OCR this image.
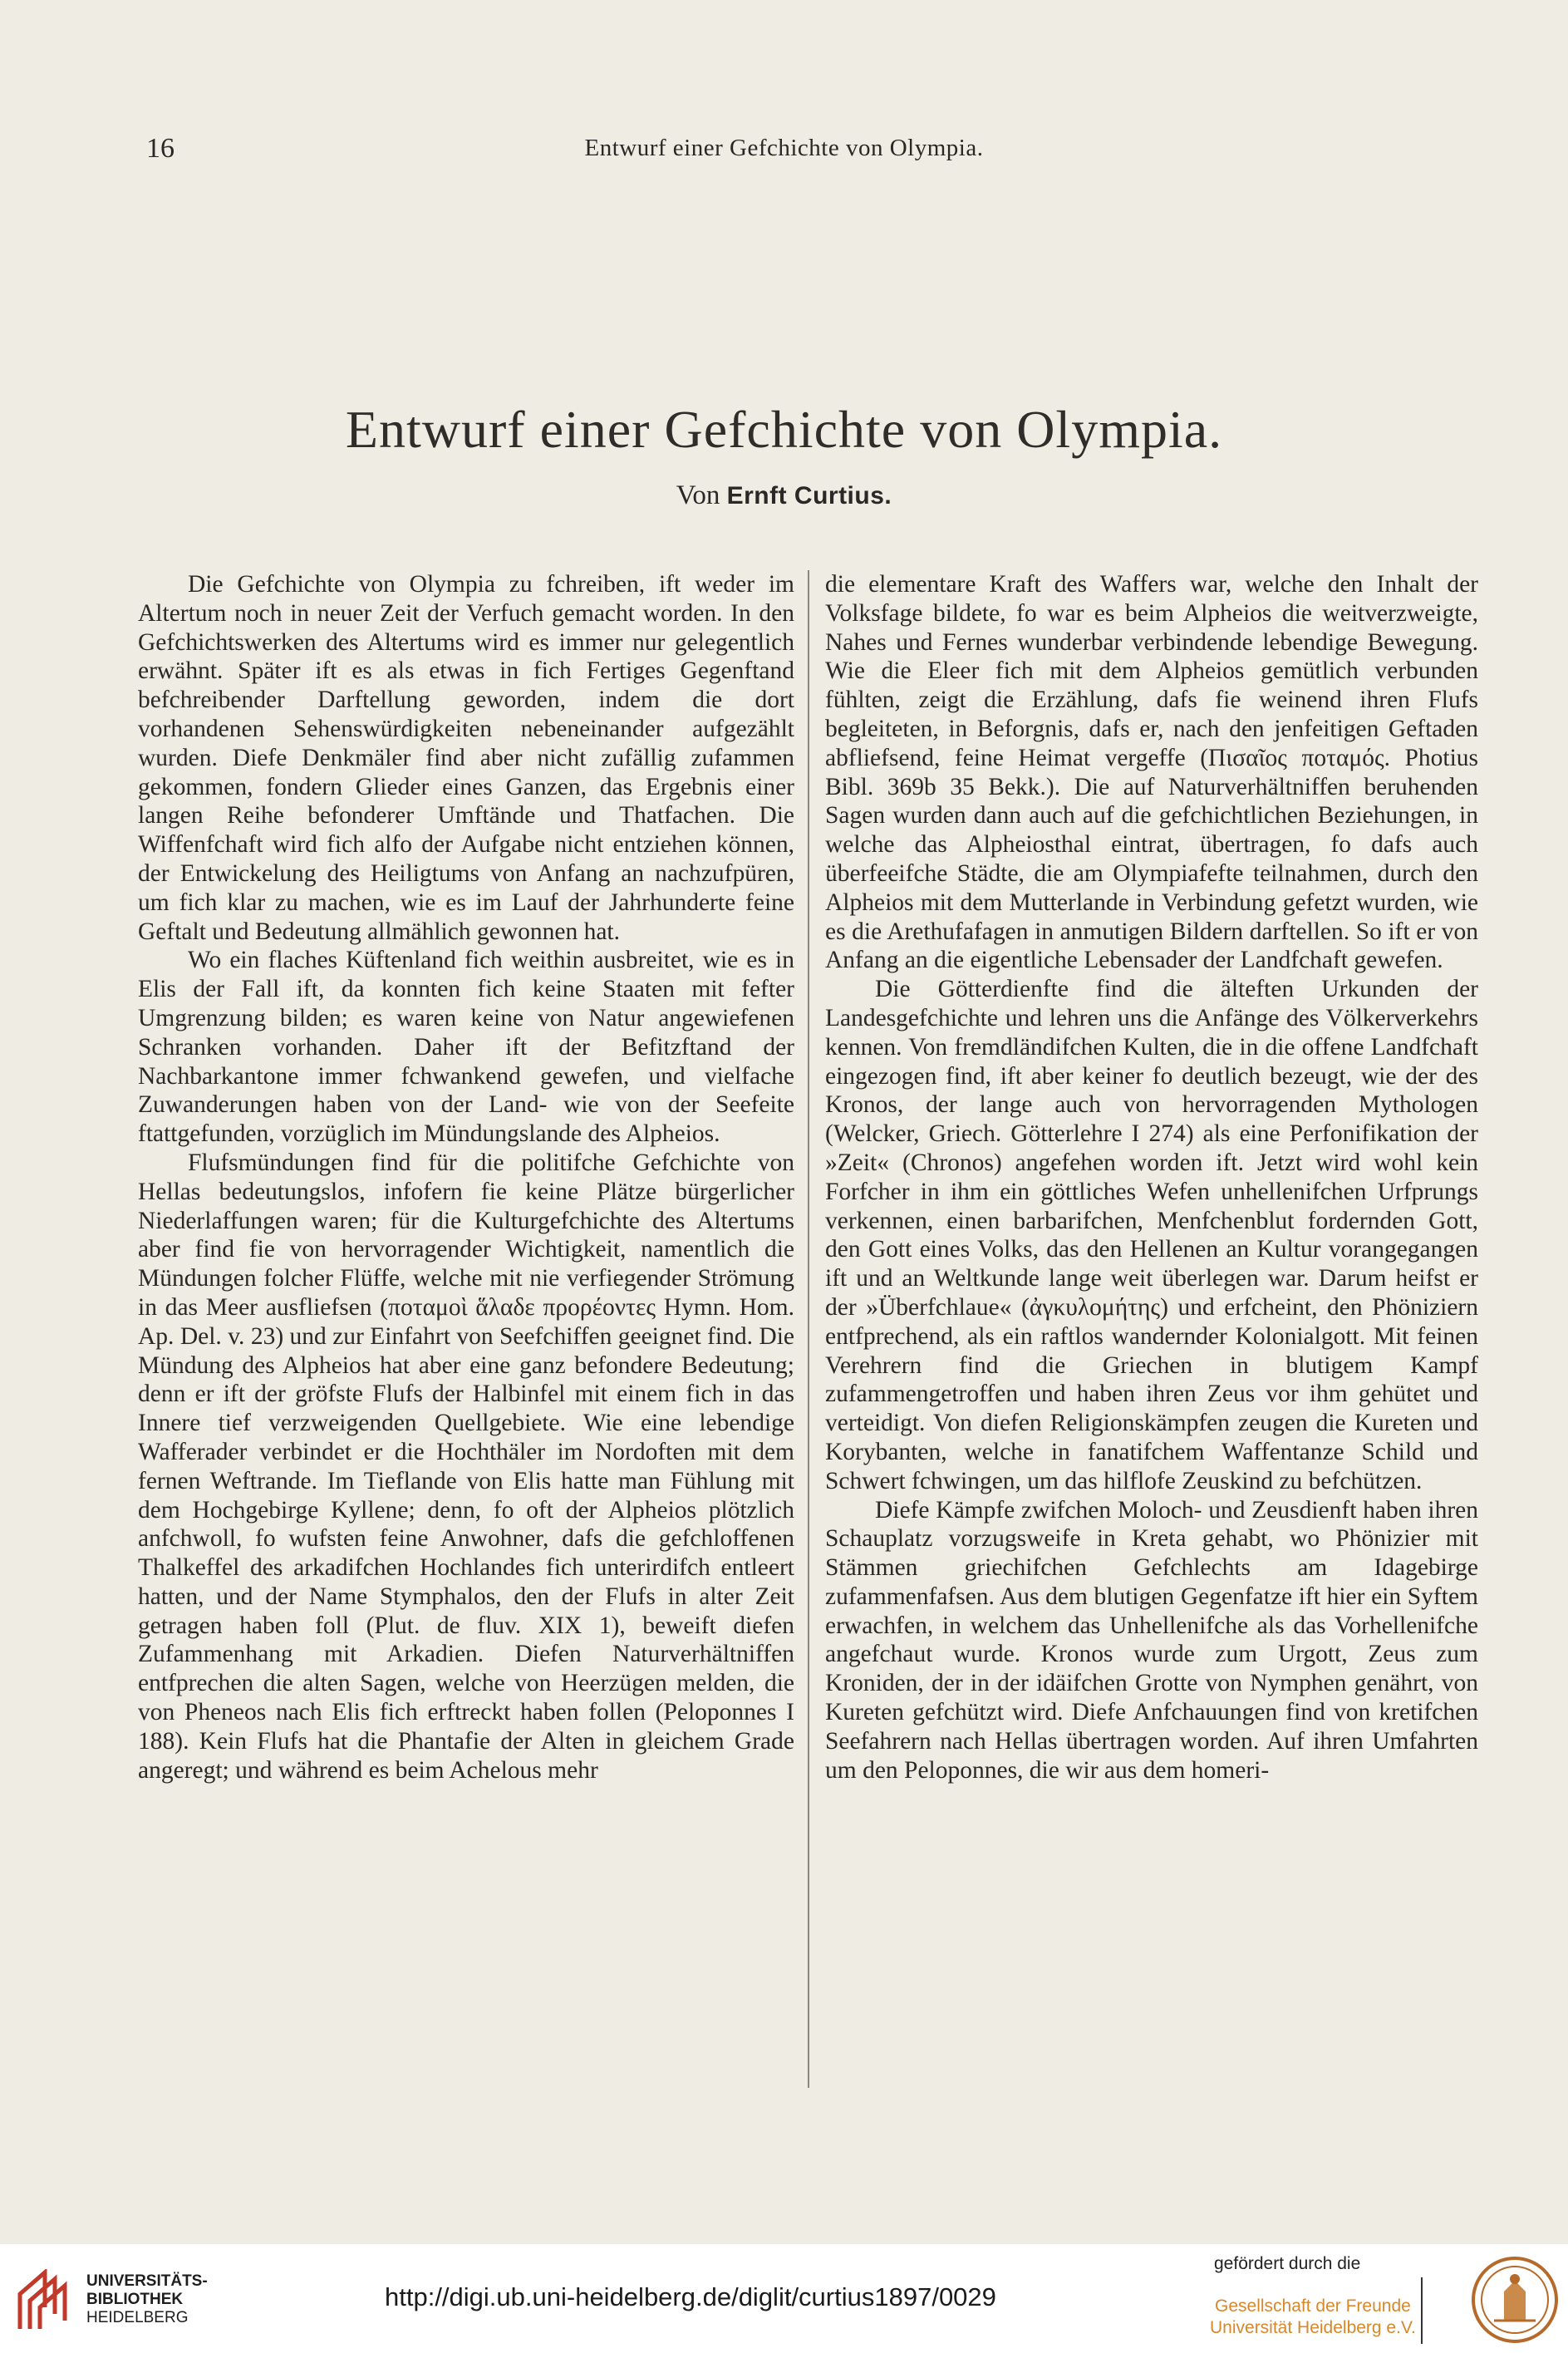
16	Entwurf einer Gefchichte von Olympia.
Entwurf einer Gefchichte von Olympia.
Von Ernft Curtius.

Die Gefchichte von Olympia zu fchreiben, ift weder im Altertum noch in neuer Zeit der Verfuch gemacht worden. In den Gefchichtswerken des Altertums wird es immer nur gelegentlich erwähnt. Später ift es als etwas in fich Fertiges Gegenftand befchreibender Darftellung geworden, indem die dort vorhandenen Sehenswürdigkeiten nebeneinander aufgezählt wurden. Diefe Denkmäler find aber nicht zufällig zufammen gekommen, fondern Glieder eines Ganzen, das Ergebnis einer langen Reihe befonderer Umftände und Thatfachen. Die Wiffenfchaft wird fich alfo der Aufgabe nicht entziehen können, der Entwickelung des Heiligtums von Anfang an nachzufpüren, um fich klar zu machen, wie es im Lauf der Jahrhunderte feine Geftalt und Bedeutung allmählich gewonnen hat.

Wo ein flaches Küftenland fich weithin ausbreitet, wie es in Elis der Fall ift, da konnten fich keine Staaten mit fefter Umgrenzung bilden; es waren keine von Natur angewiefenen Schranken vorhanden. Daher ift der Befitzftand der Nachbarkantone immer fchwankend gewefen, und vielfache Zuwanderungen haben von der Land- wie von der Seefeite ftattgefunden, vorzüglich im Mündungslande des Alpheios.

Flufsmündungen find für die politifche Gefchichte von Hellas bedeutungslos, infofern fie keine Plätze bürgerlicher Niederlaffungen waren; für die Kulturgefchichte des Altertums aber find fie von hervorragender Wichtigkeit, namentlich die Mündungen folcher Flüffe, welche mit nie verfiegender Strömung in das Meer ausfliefsen (ποταμοὶ ἅλαδε προρέοντες Hymn. Hom. Ap. Del. v. 23) und zur Einfahrt von Seefchiffen geeignet find. Die Mündung des Alpheios hat aber eine ganz befondere Bedeutung; denn er ift der gröfste Flufs der Halbinfel mit einem fich in das Innere tief verzweigenden Quellgebiete. Wie eine lebendige Wafferader verbindet er die Hochthäler im Nordoften mit dem fernen Weftrande. Im Tieflande von Elis hatte man Fühlung mit dem Hochgebirge Kyllene; denn, fo oft der Alpheios plötzlich anfchwoll, fo wufsten feine Anwohner, dafs die gefchloffenen Thalkeffel des arkadifchen Hochlandes fich unterirdifch entleert hatten, und der Name Stymphalos, den der Flufs in alter Zeit getragen haben foll (Plut. de fluv. XIX 1), beweift diefen Zufammenhang mit Arkadien. Diefen Naturverhältniffen entfprechen die alten Sagen, welche von Heerzügen melden, die von Pheneos nach Elis fich erftreckt haben follen (Peloponnes I 188). Kein Flufs hat die Phantafie der Alten in gleichem Grade angeregt; und während es beim Achelous mehr

die elementare Kraft des Waffers war, welche den Inhalt der Volksfage bildete, fo war es beim Alpheios die weitverzweigte, Nahes und Fernes wunderbar verbindende lebendige Bewegung. Wie die Eleer fich mit dem Alpheios gemütlich verbunden fühlten, zeigt die Erzählung, dafs fie weinend ihren Flufs begleiteten, in Beforgnis, dafs er, nach den jenfeitigen Geftaden abfliefsend, feine Heimat vergeffe (Πισαῖος ποταμός. Photius Bibl. 369b 35 Bekk.). Die auf Naturverhältniffen beruhenden Sagen wurden dann auch auf die gefchichtlichen Beziehungen, in welche das Alpheiosthal eintrat, übertragen, fo dafs auch überfeeifche Städte, die am Olympiafefte teilnahmen, durch den Alpheios mit dem Mutterlande in Verbindung gefetzt wurden, wie es die Arethufafagen in anmutigen Bildern darftellen. So ift er von Anfang an die eigentliche Lebensader der Landfchaft gewefen.

Die Götterdienfte find die älteften Urkunden der Landesgefchichte und lehren uns die Anfänge des Völkerverkehrs kennen. Von fremdländifchen Kulten, die in die offene Landfchaft eingezogen find, ift aber keiner fo deutlich bezeugt, wie der des Kronos, der lange auch von hervorragenden Mythologen (Welcker, Griech. Götterlehre I 274) als eine Perfonifikation der »Zeit« (Chronos) angefehen worden ift. Jetzt wird wohl kein Forfcher in ihm ein göttliches Wefen unhellenifchen Urfprungs verkennen, einen barbarifchen, Menfchenblut fordernden Gott, den Gott eines Volks, das den Hellenen an Kultur vorangegangen ift und an Weltkunde lange weit überlegen war. Darum heifst er der »Überfchlaue« (ἀγκυλομήτης) und erfcheint, den Phöniziern entfprechend, als ein raftlos wandernder Kolonialgott. Mit feinen Verehrern find die Griechen in blutigem Kampf zufammengetroffen und haben ihren Zeus vor ihm gehütet und verteidigt. Von diefen Religionskämpfen zeugen die Kureten und Korybanten, welche in fanatifchem Waffentanze Schild und Schwert fchwingen, um das hilflofe Zeuskind zu befchützen.

Diefe Kämpfe zwifchen Moloch- und Zeusdienft haben ihren Schauplatz vorzugsweife in Kreta gehabt, wo Phönizier mit Stämmen griechifchen Gefchlechts am Idagebirge zufammenfafsen. Aus dem blutigen Gegenfatze ift hier ein Syftem erwachfen, in welchem das Unhellenifche als das Vorhellenifche angefchaut wurde. Kronos wurde zum Urgott, Zeus zum Kroniden, der in der idäifchen Grotte von Nymphen genährt, von Kureten gefchützt wird. Diefe Anfchauungen find von kretifchen Seefahrern nach Hellas übertragen worden. Auf ihren Umfahrten um den Peloponnes, die wir aus dem homeri-

UNIVERSITÄTS-
BIBLIOTHEK
HEIDELBERG
http://digi.ub.uni-heidelberg.de/diglit/curtius1897/0029
gefördert durch die
Gesellschaft der Freunde
Universität Heidelberg e.V.
